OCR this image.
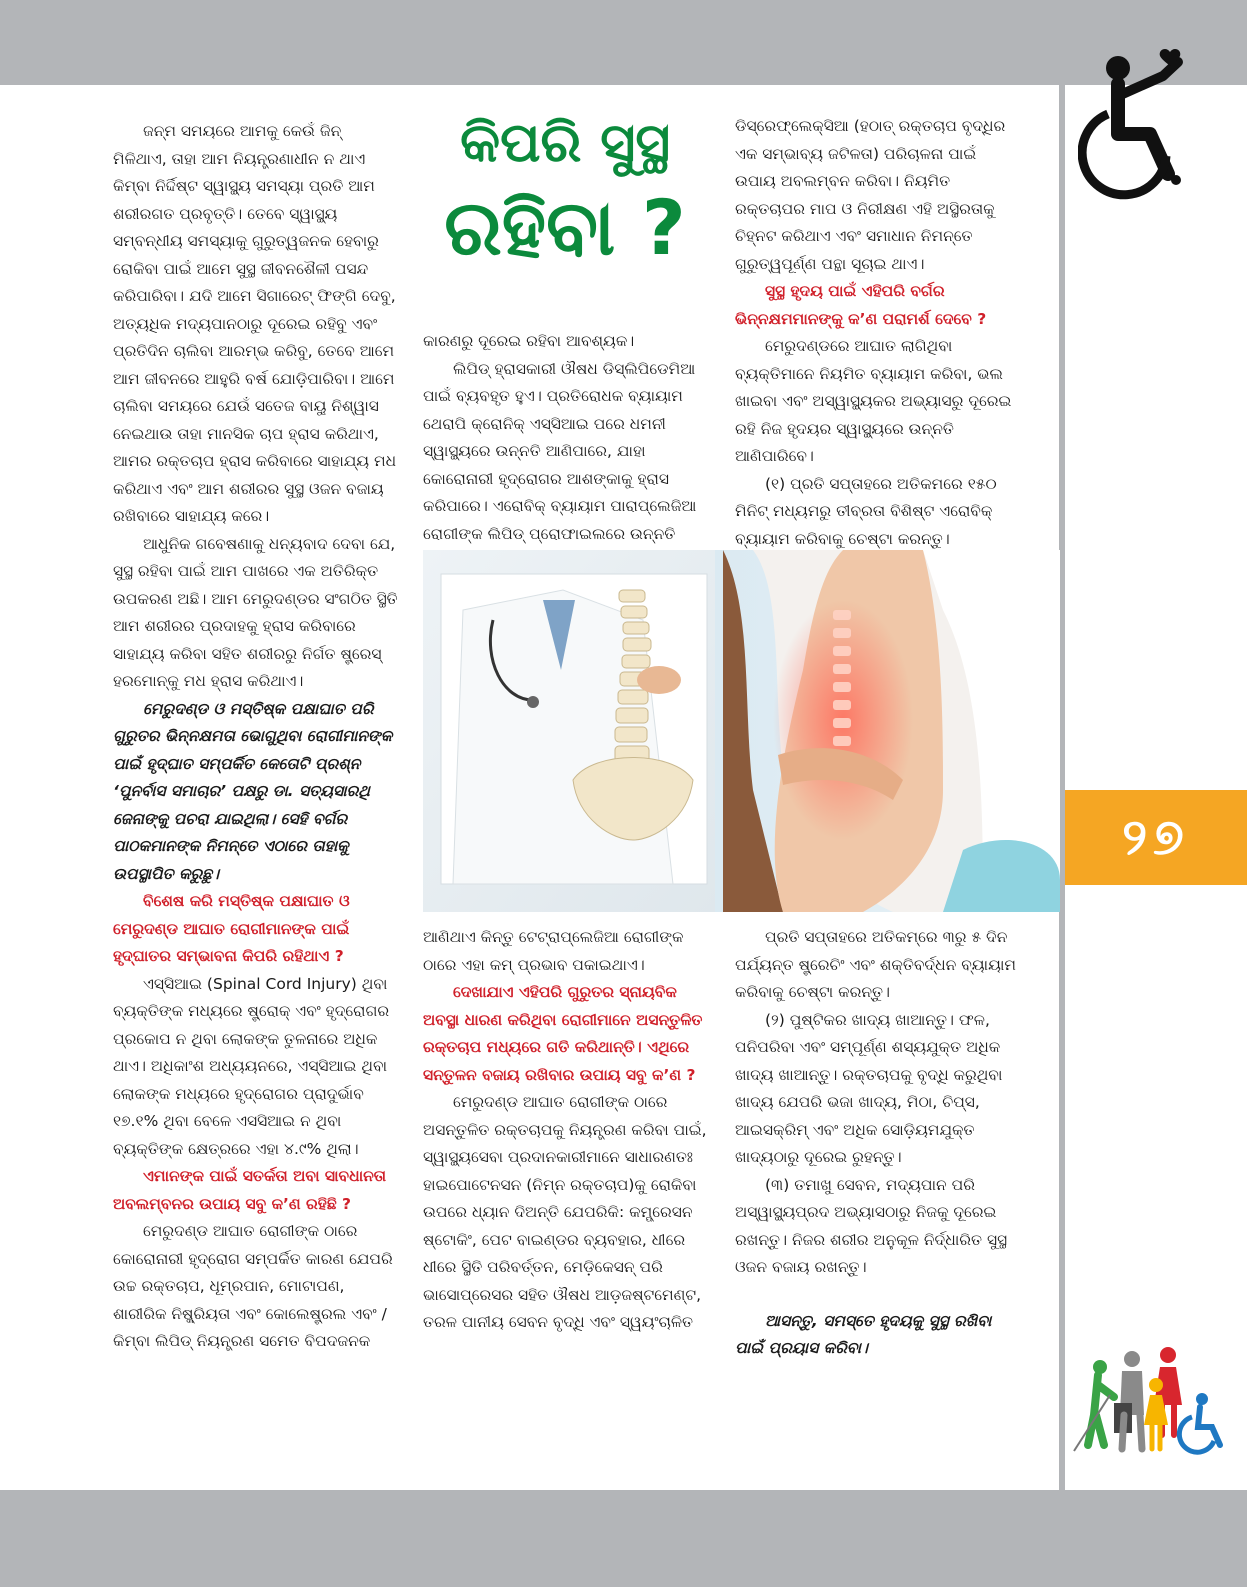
କିପରି ସୁସ୍ଥ
ରହିବା ?

ଜନ୍ମ ସମୟରେ ଆମକୁ କେଉଁ ଜିନ୍ ମିଳିଥାଏ, ତାହା ଆମ ନିୟନ୍ତ୍ରଣାଧୀନ ନ ଥାଏ କିମ୍ବା ନିର୍ଦ୍ଦିଷ୍ଟ ସ୍ୱାସ୍ଥ୍ୟ ସମସ୍ୟା ପ୍ରତି ଆମ ଶରୀରଗତ ପ୍ରବୃତ୍ତି। ତେବେ ସ୍ୱାସ୍ଥ୍ୟ ସମ୍ବନ୍ଧୀୟ ସମସ୍ୟାକୁ ଗୁରୁତ୍ୱଜନକ ହେବାରୁ ରୋକିବା ପାଇଁ ଆମେ ସୁସ୍ଥ ଜୀବନଶୈଳୀ ପସନ୍ଦ କରିପାରିବା। ଯଦି ଆମେ ସିଗାରେଟ୍ ଫିଙ୍ଗି ଦେବୁ, ଅତ୍ୟଧିକ ମଦ୍ୟପାନଠାରୁ ଦୂରେଇ ରହିବୁ ଏବଂ ପ୍ରତିଦିନ ଚାଲିବା ଆରମ୍ଭ କରିବୁ, ତେବେ ଆମେ ଆମ ଜୀବନରେ ଆହୁରି ବର୍ଷ ଯୋଡ଼ିପାରିବା। ଆମେ ଚାଲିବା ସମୟରେ ଯେଉଁ ସତେଜ ବାୟୁ ନିଶ୍ୱାସ ନେଇଥାଉ ତାହା ମାନସିକ ଚାପ ହ୍ରାସ କରିଥାଏ, ଆମର ରକ୍ତଚାପ ହ୍ରାସ କରିବାରେ ସାହାଯ୍ୟ ମଧ କରିଥାଏ ଏବଂ ଆମ ଶରୀରର ସୁସ୍ଥ ଓଜନ ବଜାୟ ରଖିବାରେ ସାହାଯ୍ୟ କରେ।

ଆଧୁନିକ ଗବେଷଣାକୁ ଧନ୍ୟବାଦ ଦେବା ଯେ, ସୁସ୍ଥ ରହିବା ପାଇଁ ଆମ ପାଖରେ ଏକ ଅତିରିକ୍ତ ଉପକରଣ ଅଛି। ଆମ ମେରୁଦଣ୍ଡର ସଂଗଠିତ ସ୍ଥିତି ଆମ ଶରୀରର ପ୍ରଦାହକୁ ହ୍ରାସ କରିବାରେ ସାହାଯ୍ୟ କରିବା ସହିତ ଶରୀରରୁ ନିର୍ଗତ ଷ୍ଟ୍ରେସ୍ ହରମୋନ୍‌କୁ ମଧ ହ୍ରାସ କରିଥାଏ।

ମେରୁଦଣ୍ଡ ଓ ମସ୍ତିଷ୍କ ପକ୍ଷାଘାତ ପରି ଗୁରୁତର ଭିନ୍ନକ୍ଷମତା ଭୋଗୁଥିବା ରୋଗୀମାନଙ୍କ ପାଇଁ ହୃଦ୍‌ଘାତ ସମ୍ପର୍କିତ କେତୋଟି ପ୍ରଶ୍ନ ‘ପୁନର୍ବାସ ସମାଚାର’ ପକ୍ଷରୁ ଡା. ସତ୍ୟସାରଥି ଜେନାଙ୍କୁ ପଚରା ଯାଇଥିଲା। ସେହି ବର୍ଗର ପାଠକମାନଙ୍କ ନିମନ୍ତେ ଏଠାରେ ତାହାକୁ ଉପସ୍ଥାପିତ କରୁଛୁ।

ବିଶେଷ କରି ମସ୍ତିଷ୍କ ପକ୍ଷାଘାତ ଓ ମେରୁଦଣ୍ଡ ଆଘାତ ରୋଗୀମାନଙ୍କ ପାଇଁ ହୃଦ୍‌ଘାତର ସମ୍ଭାବନା କିପରି ରହିଥାଏ ?

ଏସ୍‌ସିଆଇ (Spinal Cord Injury) ଥିବା ବ୍ୟକ୍ତିଙ୍କ ମଧ୍ୟରେ ଷ୍ଟ୍ରୋକ୍ ଏବଂ ହୃଦ୍‌ରୋଗର ପ୍ରକୋପ ନ ଥିବା ଲୋକଙ୍କ ତୁଳନାରେ ଅଧିକ ଥାଏ। ଅଧିକାଂଶ ଅଧ୍ୟୟନରେ, ଏସ୍‌ସିଆଇ ଥିବା ଲୋକଙ୍କ ମଧ୍ୟରେ ହୃଦ୍‌ରୋଗର ପ୍ରାଦୁର୍ଭାବ ୧୭.୧% ଥିବା ବେଳେ ଏସସିଆଇ ନ ଥିବା ବ୍ୟକ୍ତିଙ୍କ କ୍ଷେତ୍ରରେ ଏହା ୪.୯% ଥିଲା।

ଏମାନଙ୍କ ପାଇଁ ସତର୍କତା ଅବା ସାବଧାନତା ଅବଲମ୍ବନର ଉପାୟ ସବୁ କ’ଣ ରହିଛି ?

ମେରୁଦଣ୍ଡ ଆଘାତ ରୋଗୀଙ୍କ ଠାରେ କୋରୋନାରୀ ହୃଦ୍‌ରୋଗ ସମ୍ପର୍କିତ କାରଣ ଯେପରି ଉଚ୍ଚ ରକ୍ତଚାପ, ଧୂମ୍ରପାନ, ମୋଟାପଣ, ଶାରୀରିକ ନିଷ୍କ୍ରିୟତା ଏବଂ କୋଲେଷ୍ଟ୍ରଲ ଏବଂ / କିମ୍ବା ଲିପିଡ୍ ନିୟନ୍ତ୍ରଣ ସମେତ ବିପଦଜନକ

କାରଣରୁ ଦୂରେଇ ରହିବା ଆବଶ୍ୟକ।

ଲିପିଡ୍ ହ୍ରାସକାରୀ ଔଷଧ ଡିସ୍ଲିପିଡେମିଆ ପାଇଁ ବ୍ୟବହୃତ ହୁଏ। ପ୍ରତିରୋଧକ ବ୍ୟାୟାମ ଥେରାପି କ୍ରୋନିକ୍ ଏସ୍‌ସିଆଇ ପରେ ଧମନୀ ସ୍ୱାସ୍ଥ୍ୟରେ ଉନ୍ନତି ଆଣିପାରେ, ଯାହା କୋରୋନାରୀ ହୃଦ୍‌ରୋଗର ଆଶଙ୍କାକୁ ହ୍ରାସ କରିପାରେ। ଏରୋବିକ୍ ବ୍ୟାୟାମ ପାରାପ୍ଲେଜିଆ ରୋଗୀଙ୍କ ଲିପିଡ୍ ପ୍ରୋଫାଇଲରେ ଉନ୍ନତି

ଆଣିଥାଏ କିନ୍ତୁ ଟେଟ୍ରାପ୍ଲେଜିଆ ରୋଗୀଙ୍କ ଠାରେ ଏହା କମ୍ ପ୍ରଭାବ ପକାଇଥାଏ।

ଦେଖାଯାଏ ଏହିପରି ଗୁରୁତର ସ୍ନାୟବିକ ଅବସ୍ଥା ଧାରଣ କରିଥିବା ରୋଗୀମାନେ ଅସନ୍ତୁଳିତ ରକ୍ତଚାପ ମଧ୍ୟରେ ଗତି କରିଥାନ୍ତି। ଏଥିରେ ସନ୍ତୁଳନ ବଜାୟ ରଖିବାର ଉପାୟ ସବୁ କ’ଣ ?

ମେରୁଦଣ୍ଡ ଆଘାତ ରୋଗୀଙ୍କ ଠାରେ ଅସନ୍ତୁଳିତ ରକ୍ତଚାପକୁ ନିୟନ୍ତ୍ରଣ କରିବା ପାଇଁ, ସ୍ୱାସ୍ଥ୍ୟସେବା ପ୍ରଦାନକାରୀମାନେ ସାଧାରଣତଃ ହାଇପୋଟେନସନ (ନିମ୍ନ ରକ୍ତଚାପ)କୁ ରୋକିବା ଉପରେ ଧ୍ୟାନ ଦିଅନ୍ତି ଯେପରିକି: କମ୍ପ୍ରେସନ ଷ୍ଟୋକିଂ, ପେଟ ବାଇଣ୍ଡର ବ୍ୟବହାର, ଧୀରେ ଧୀରେ ସ୍ଥିତି ପରିବର୍ତ୍ତନ, ମେଡ଼ିକେସନ୍ ପରି ଭାସୋପ୍ରେସର ସହିତ ଔଷଧ ଆଡ଼ଜଷ୍ଟମେଣ୍ଟ, ତରଳ ପାନୀୟ ସେବନ ବୃଦ୍ଧି ଏବଂ ସ୍ୱୟଂଚାଳିତ

ଡିସ୍ରେଫ୍ଲେକ୍ସିଆ (ହଠାତ୍ ରକ୍ତଚାପ ବୃଦ୍ଧିର ଏକ ସମ୍ଭାବ୍ୟ ଜଟିଳତା) ପରିଚାଳନା ପାଇଁ ଉପାୟ ଅବଲମ୍ବନ କରିବା। ନିୟମିତ ରକ୍ତଚାପର ମାପ ଓ ନିରୀକ୍ଷଣ ଏହି ଅସ୍ଥିରତାକୁ ଚିହ୍ନଟ କରିଥାଏ ଏବଂ ସମାଧାନ ନିମନ୍ତେ ଗୁରୁତ୍ୱପୂର୍ଣ୍ଣ ପନ୍ଥା ସୂଚାଇ ଥାଏ।

ସୁସ୍ଥ ହୃଦୟ ପାଇଁ ଏହିପରି ବର୍ଗର ଭିନ୍ନକ୍ଷମମାନଙ୍କୁ କ’ଣ ପରାମର୍ଶ ଦେବେ ?

ମେରୁଦଣ୍ଡରେ ଆଘାତ ଲାଗିଥିବା ବ୍ୟକ୍ତିମାନେ ନିୟମିତ ବ୍ୟାୟାମ କରିବା, ଭଲ ଖାଇବା ଏବଂ ଅସ୍ୱାସ୍ଥ୍ୟକର ଅଭ୍ୟାସରୁ ଦୂରେଇ ରହି ନିଜ ହୃଦୟର ସ୍ୱାସ୍ଥ୍ୟରେ ଉନ୍ନତି ଆଣିପାରିବେ।

(୧) ପ୍ରତି ସପ୍ତାହରେ ଅତିକମରେ ୧୫୦ ମିନିଟ୍ ମଧ୍ୟମରୁ ତୀବ୍ରତା ବିଶିଷ୍ଟ ଏରୋବିକ୍ ବ୍ୟାୟାମ କରିବାକୁ ଚେଷ୍ଟା କରନ୍ତୁ।

ପ୍ରତି ସପ୍ତାହରେ ଅତିକମ୍‌ରେ ୩ରୁ ୫ ଦିନ ପର୍ଯ୍ୟନ୍ତ ଷ୍ଟ୍ରେଚିଂ ଏବଂ ଶକ୍ତିବର୍ଦ୍ଧନ ବ୍ୟାୟାମ କରିବାକୁ ଚେଷ୍ଟା କରନ୍ତୁ।

(୨) ପୁଷ୍ଟିକର ଖାଦ୍ୟ ଖାଆନ୍ତୁ। ଫଳ, ପନିପରିବା ଏବଂ ସମ୍ପୂର୍ଣ୍ଣ ଶସ୍ୟଯୁକ୍ତ ଅଧିକ ଖାଦ୍ୟ ଖାଆନ୍ତୁ। ରକ୍ତଚାପକୁ ବୃଦ୍ଧି କରୁଥିବା ଖାଦ୍ୟ ଯେପରି ଭଜା ଖାଦ୍ୟ, ମିଠା, ଚିପ୍ସ, ଆଇସକ୍ରିମ୍ ଏବଂ ଅଧିକ ସୋଡ଼ିୟମଯୁକ୍ତ ଖାଦ୍ୟଠାରୁ ଦୂରେଇ ରୁହନ୍ତୁ।

(୩) ତମାଖୁ ସେବନ, ମଦ୍ୟପାନ ପରି ଅସ୍ୱାସ୍ଥ୍ୟପ୍ରଦ ଅଭ୍ୟାସଠାରୁ ନିଜକୁ ଦୂରେଇ ରଖନ୍ତୁ। ନିଜର ଶରୀର ଅନୁକୂଳ ନିର୍ଦ୍ଧାରିତ ସୁସ୍ଥ ଓଜନ ବଜାୟ ରଖନ୍ତୁ।

ଆସନ୍ତୁ, ସମସ୍ତେ ହୃଦୟକୁ ସୁସ୍ଥ ରଖିବା ପାଇଁ ପ୍ରୟାସ କରିବା।

୨୭
